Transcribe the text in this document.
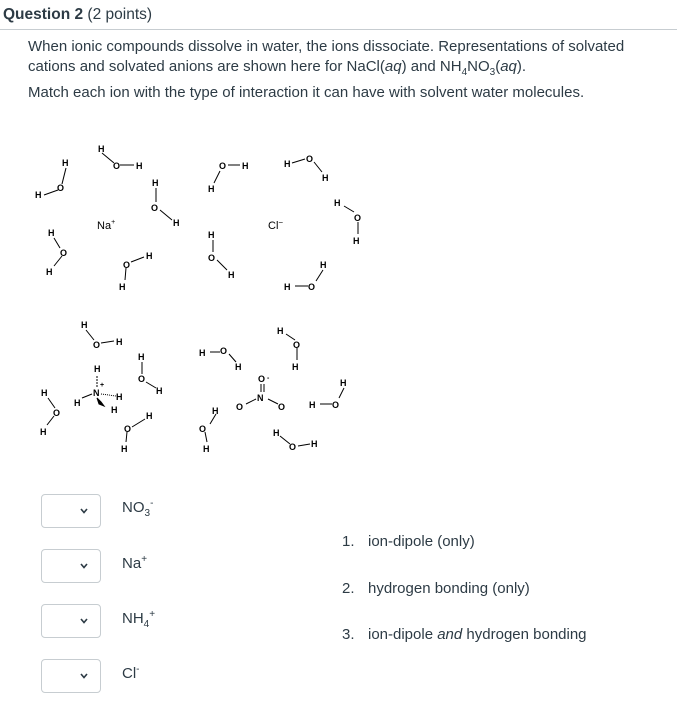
Question 2 (2 points)
When ionic compounds dissolve in water, the ions dissociate. Representations of solvated cations and solvated anions are shown here for NaCl(aq) and $NH_4NO_3(aq)$.
Match each ion with the type of interaction it can have with solvent water molecules.
Na+	Cl−
H
O H
H
O
H
H
O
H
H
O
H
O
H
H
O H
H
H O
H
H
O
H
H
O
H
H O
H
N
+
H
H
H
H
H
O H
H
O
H
H
O
H	O
H
H
O -
N
O	O
H O
H
H
O
H
H O
H
H
O
H
H
O H
$NO_3^-$
Na+
$NH_4^+$
Cl-
1. ion-dipole (only)
2. hydrogen bonding (only)
3. ion-dipole and hydrogen bonding
